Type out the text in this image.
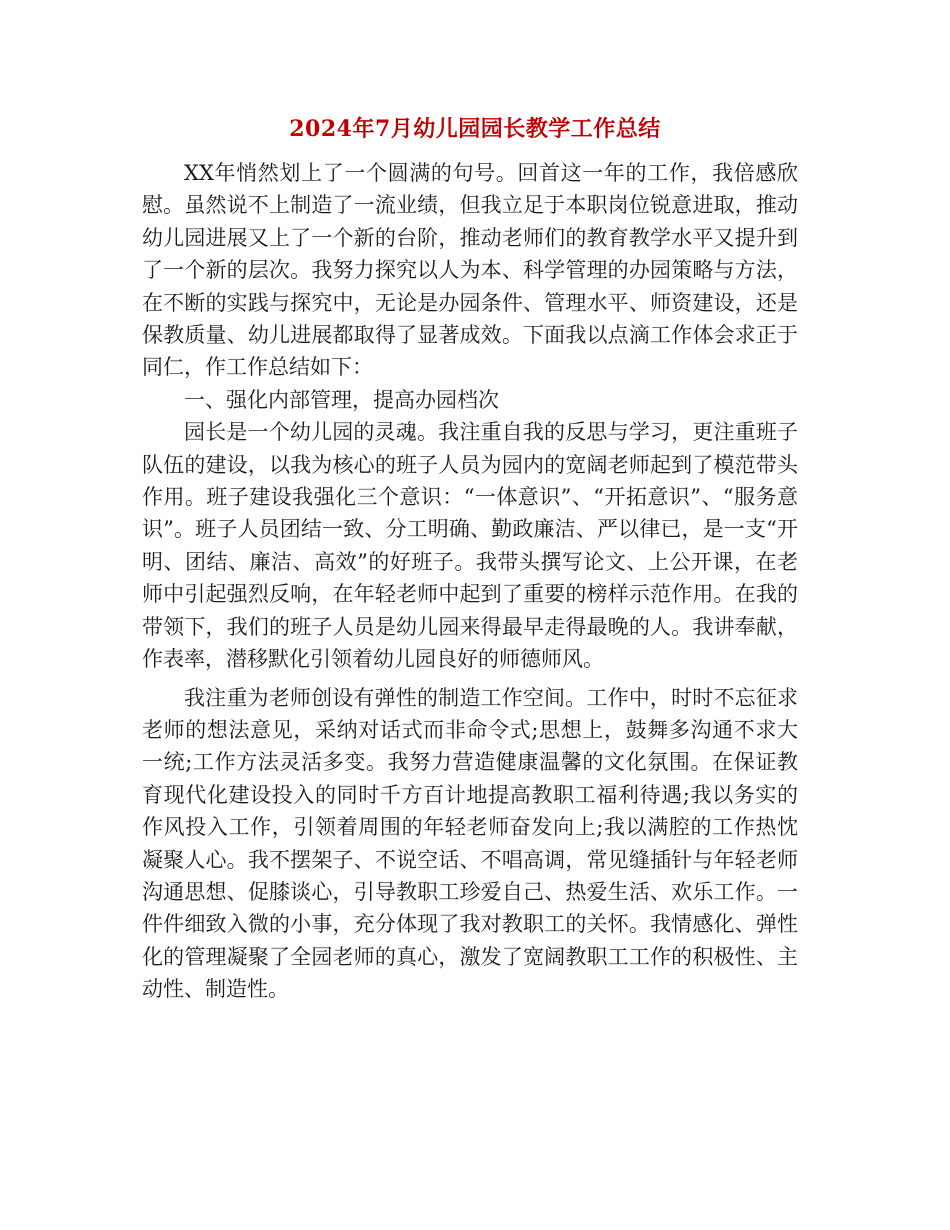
2024年7月幼儿园园长教学工作总结

XX年悄然划上了一个圆满的句号。回首这一年的工作，我倍感欣慰。虽然说不上制造了一流业绩，但我立足于本职岗位锐意进取，推动幼儿园进展又上了一个新的台阶，推动老师们的教育教学水平又提升到了一个新的层次。我努力探究以人为本、科学管理的办园策略与方法，在不断的实践与探究中，无论是办园条件、管理水平、师资建设，还是保教质量、幼儿进展都取得了显著成效。下面我以点滴工作体会求正于同仁，作工作总结如下：

一、强化内部管理，提高办园档次

园长是一个幼儿园的灵魂。我注重自我的反思与学习，更注重班子队伍的建设，以我为核心的班子人员为园内的宽阔老师起到了模范带头作用。班子建设我强化三个意识：“一体意识”、“开拓意识”、“服务意识”。班子人员团结一致、分工明确、勤政廉洁、严以律已，是一支“开明、团结、廉洁、高效”的好班子。我带头撰写论文、上公开课，在老师中引起强烈反响，在年轻老师中起到了重要的榜样示范作用。在我的带领下，我们的班子人员是幼儿园来得最早走得最晚的人。我讲奉献，作表率，潜移默化引领着幼儿园良好的师德师风。

我注重为老师创设有弹性的制造工作空间。工作中，时时不忘征求老师的想法意见，采纳对话式而非命令式;思想上，鼓舞多沟通不求大一统;工作方法灵活多变。我努力营造健康温馨的文化氛围。在保证教育现代化建设投入的同时千方百计地提高教职工福利待遇;我以务实的作风投入工作，引领着周围的年轻老师奋发向上;我以满腔的工作热忱凝聚人心。我不摆架子、不说空话、不唱高调，常见缝插针与年轻老师沟通思想、促膝谈心，引导教职工珍爱自己、热爱生活、欢乐工作。一件件细致入微的小事，充分体现了我对教职工的关怀。我情感化、弹性化的管理凝聚了全园老师的真心，激发了宽阔教职工工作的积极性、主动性、制造性。
